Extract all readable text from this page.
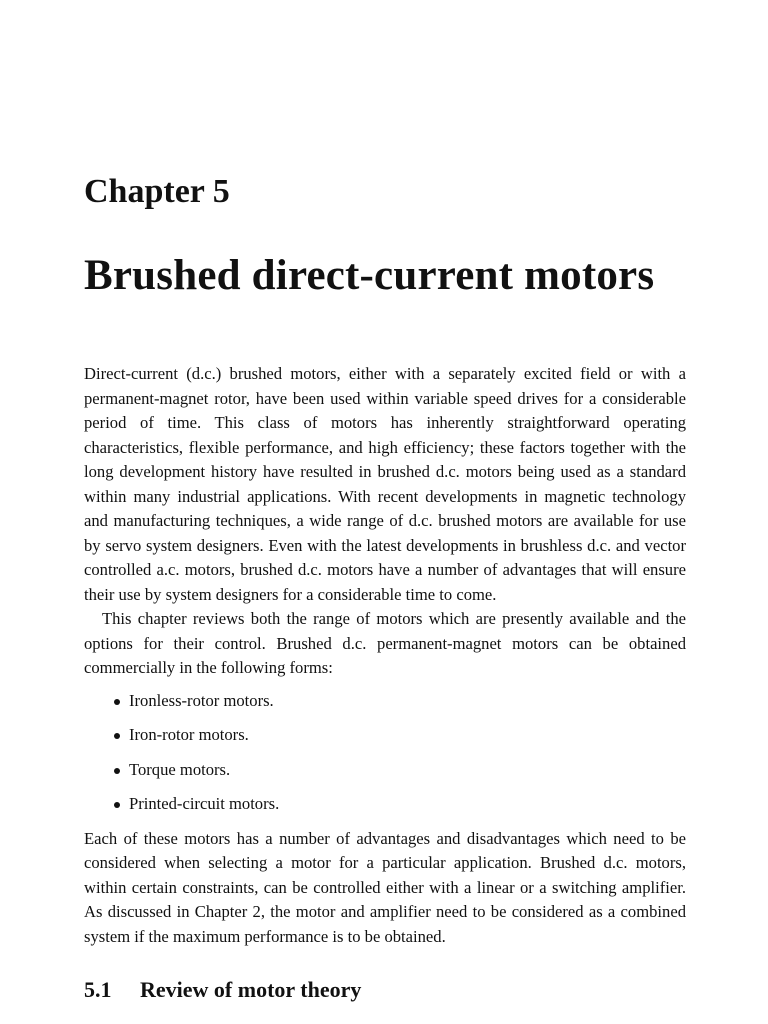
Chapter 5
Brushed direct-current motors

Direct-current (d.c.) brushed motors, either with a separately excited field or with a permanent-magnet rotor, have been used within variable speed drives for a considerable period of time. This class of motors has inherently straightforward operating characteristics, flexible performance, and high efficiency; these factors together with the long development history have resulted in brushed d.c. motors being used as a standard within many industrial applications. With recent developments in magnetic technology and manufacturing techniques, a wide range of d.c. brushed motors are available for use by servo system designers. Even with the latest developments in brushless d.c. and vector controlled a.c. motors, brushed d.c. motors have a number of advantages that will ensure their use by system designers for a considerable time to come.

This chapter reviews both the range of motors which are presently available and the options for their control. Brushed d.c. permanent-magnet motors can be obtained commercially in the following forms:

Ironless-rotor motors.
Iron-rotor motors.
Torque motors.
Printed-circuit motors.

Each of these motors has a number of advantages and disadvantages which need to be considered when selecting a motor for a particular application. Brushed d.c. motors, within certain constraints, can be controlled either with a linear or a switching amplifier. As discussed in Chapter 2, the motor and amplifier need to be considered as a combined system if the maximum performance is to be obtained.

5.1 Review of motor theory
